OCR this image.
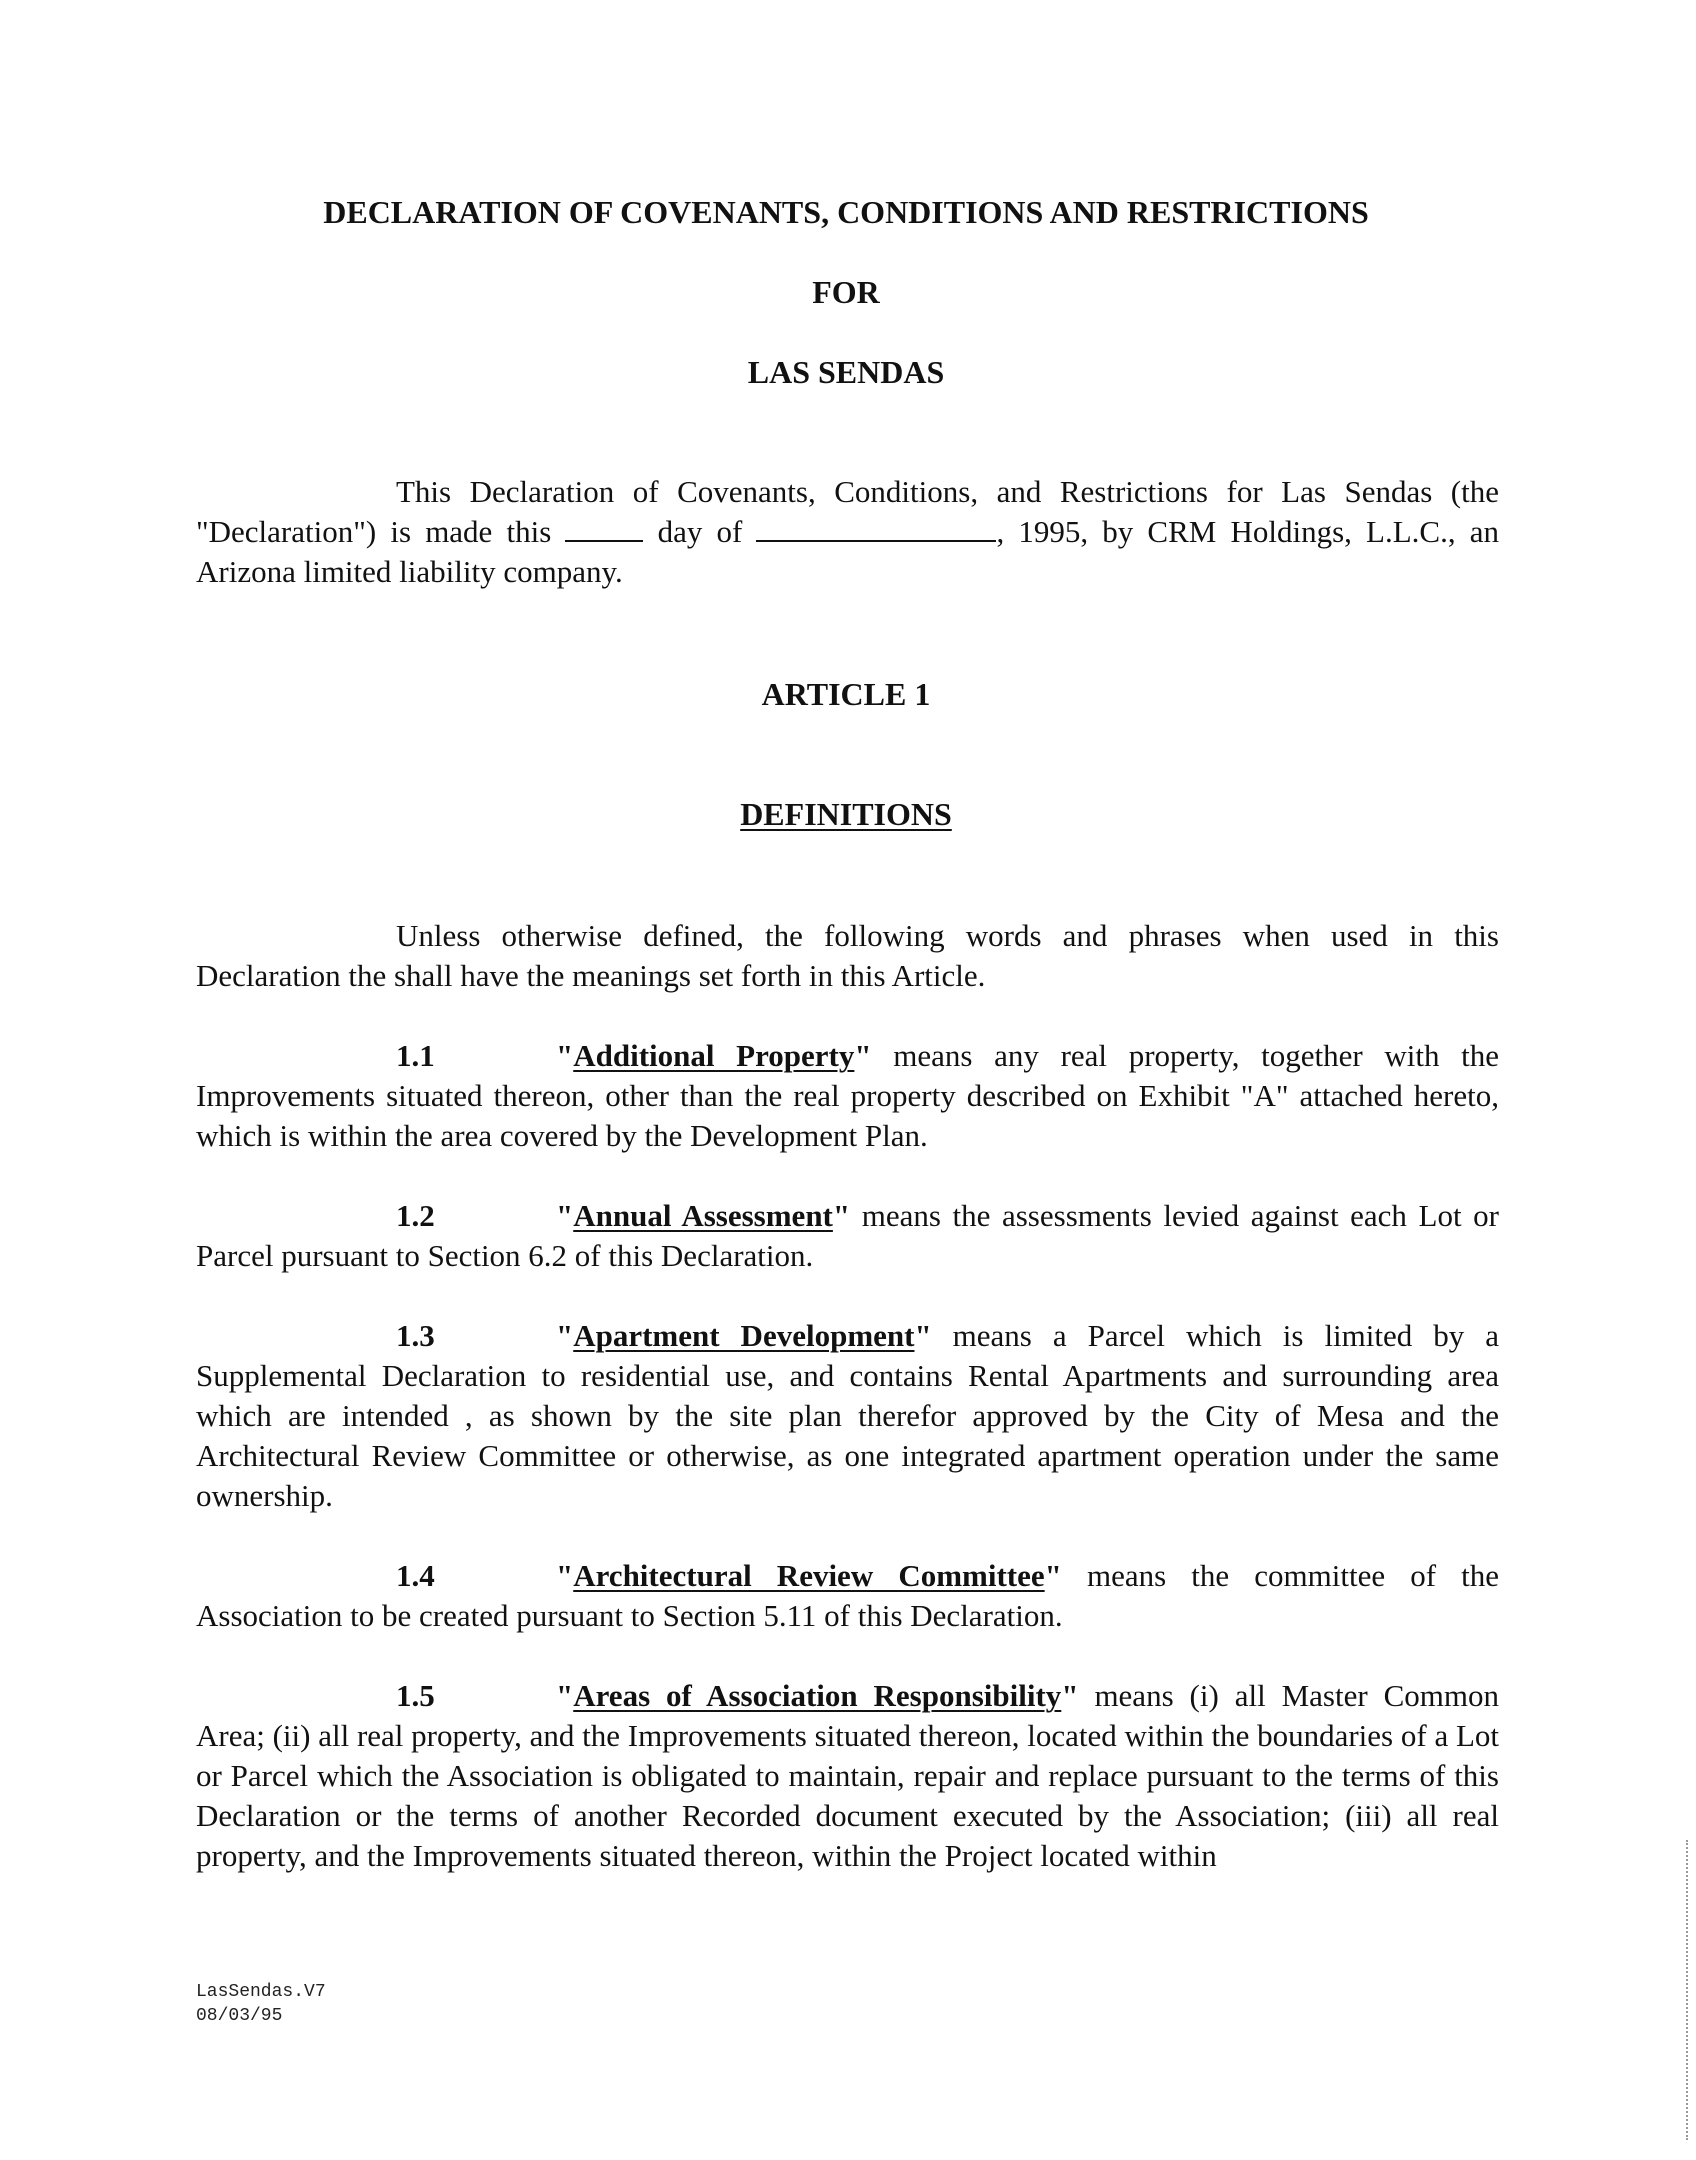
DECLARATION OF COVENANTS, CONDITIONS AND RESTRICTIONS

FOR

LAS SENDAS

This Declaration of Covenants, Conditions, and Restrictions for Las Sendas (the "Declaration") is made this	day of	, 1995, by CRM Holdings, L.L.C., an Arizona limited liability company.

ARTICLE 1

DEFINITIONS

Unless otherwise defined, the following words and phrases when used in this Declaration the shall have the meanings set forth in this Article.

1.1	"Additional Property" means any real property, together with the Improvements situated thereon, other than the real property described on Exhibit "A" attached hereto, which is within the area covered by the Development Plan.

1.2	"Annual Assessment" means the assessments levied against each Lot or Parcel pursuant to Section 6.2 of this Declaration.

1.3	"Apartment Development" means a Parcel which is limited by a Supplemental Declaration to residential use, and contains Rental Apartments and surrounding area which are intended , as shown by the site plan therefor approved by the City of Mesa and the Architectural Review Committee or otherwise, as one integrated apartment operation under the same ownership.

1.4	"Architectural Review Committee" means the committee of the Association to be created pursuant to Section 5.11 of this Declaration.

1.5	"Areas of Association Responsibility" means (i) all Master Common Area; (ii) all real property, and the Improvements situated thereon, located within the boundaries of a Lot or Parcel which the Association is obligated to maintain, repair and replace pursuant to the terms of this Declaration or the terms of another Recorded document executed by the Association; (iii) all real property, and the Improvements situated thereon, within the Project located within

LasSendas.V7
08/03/95
